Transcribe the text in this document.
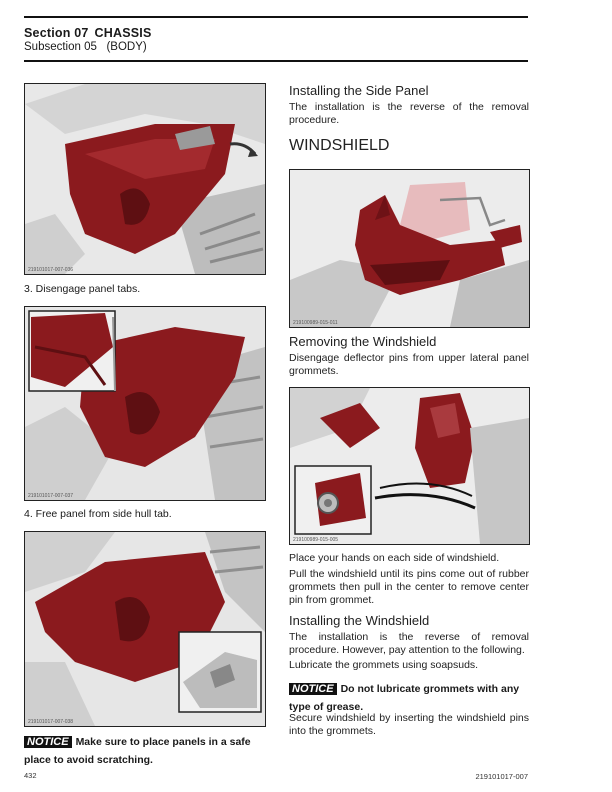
Section 07 CHASSIS
Subsection 05   (BODY)
219101017-007-036
3. Disengage panel tabs.
219101017-007-037
4. Free panel from side hull tab.
219101017-007-038
NOTICE Make sure to place panels in a safe place to avoid scratching.
Installing the Side Panel
The installation is the reverse of the removal procedure.
WINDSHIELD
219100989-015-011
Removing the Windshield
Disengage deflector pins from upper lateral panel grommets.
219100989-015-005
Place your hands on each side of windshield.
Pull the windshield until its pins come out of rubber grommets then pull in the center to remove center pin from grommet.
Installing the Windshield
The installation is the reverse of removal procedure. However, pay attention to the following.
Lubricate the grommets using soapsuds.
NOTICE Do not lubricate grommets with any type of grease.
Secure windshield by inserting the windshield pins into the grommets.
432	219101017-007
